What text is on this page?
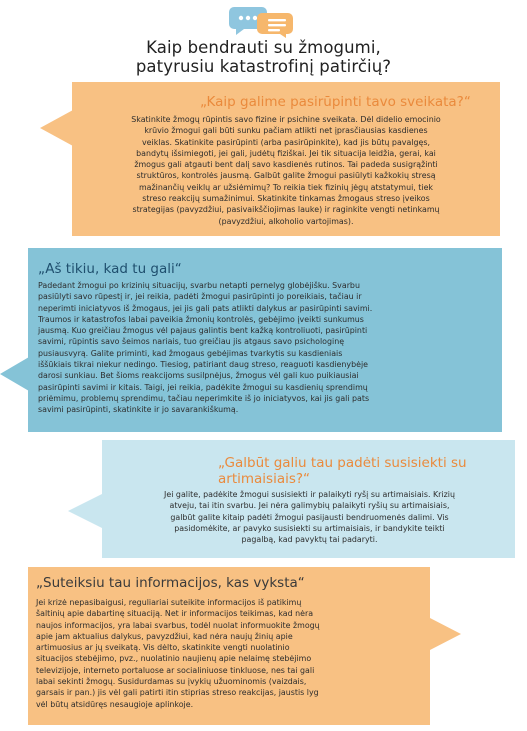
Kaip bendrauti su žmogumi,
patyrusiu katastrofinį patirčių?
„Kaip galime pasirūpinti tavo sveikata?“
Skatinkite žmogų rūpintis savo fizine ir psichine sveikata. Dėl didelio emocinio
krūvio žmogui gali būti sunku pačiam atlikti net įprasčiausias kasdienes
veiklas. Skatinkite pasirūpinti (arba pasirūpinkite), kad jis būtų pavalgęs,
bandytų išsimiegoti, jei gali, judėtų fiziškai. Jei tik situacija leidžia, gerai, kai
žmogus gali atgauti bent dalį savo kasdienės rutinos. Tai padeda susigrąžinti
struktūros, kontrolės jausmą. Galbūt galite žmogui pasiūlyti kažkokių stresą
mažinančių veiklų ar užsiėmimų? To reikia tiek fizinių jėgų atstatymui, tiek
streso reakcijų sumažinimui. Skatinkite tinkamas žmogaus streso įveikos
strategijas (pavyzdžiui, pasivaikščiojimas lauke) ir raginkite vengti netinkamų
(pavyzdžiui, alkoholio vartojimas).
„Aš tikiu, kad tu gali“
Padedant žmogui po krizinių situacijų, svarbu netapti pernelyg globėjišku. Svarbu
pasiūlyti savo rūpestį ir, jei reikia, padėti žmogui pasirūpinti jo poreikiais, tačiau ir
neperimti iniciatyvos iš žmogaus, jei jis gali pats atlikti dalykus ar pasirūpinti savimi.
Traumos ir katastrofos labai paveikia žmonių kontrolės, gebėjimo įveikti sunkumus
jausmą. Kuo greičiau žmogus vėl pajaus galintis bent kažką kontroliuoti, pasirūpinti
savimi, rūpintis savo šeimos nariais, tuo greičiau jis atgaus savo psichologinę
pusiausvyrą. Galite priminti, kad žmogaus gebėjimas tvarkytis su kasdieniais
iššūkiais tikrai niekur nedingo. Tiesiog, patiriant daug streso, reaguoti kasdienybėje
darosi sunkiau. Bet šioms reakcijoms susilpnėjus, žmogus vėl gali kuo puikiausiai
pasirūpinti savimi ir kitais. Taigi, jei reikia, padėkite žmogui su kasdienių sprendimų
priėmimu, problemų sprendimu, tačiau neperimkite iš jo iniciatyvos, kai jis gali pats
savimi pasirūpinti, skatinkite ir jo savarankiškumą.
„Galbūt galiu tau padėti susisiekti su artimaisiais?“
Jei galite, padėkite žmogui susisiekti ir palaikyti ryšį su artimaisiais. Krizių
atveju, tai itin svarbu. Jei nėra galimybių palaikyti ryšių su artimaisiais,
galbūt galite kitaip padėti žmogui pasijausti bendruomenės dalimi. Vis
pasidomėkite, ar pavyko susisiekti su artimaisiais, ir bandykite teikti
pagalbą, kad pavyktų tai padaryti.
„Suteiksiu tau informacijos, kas vyksta“
Jei krizė nepasibaigusi, reguliariai suteikite informacijos iš patikimų
šaltinių apie dabartinę situaciją. Net ir informacijos teikimas, kad nėra
naujos informacijos, yra labai svarbus, todėl nuolat informuokite žmogų
apie jam aktualius dalykus, pavyzdžiui, kad nėra naujų žinių apie
artimuosius ar jų sveikatą. Vis dėlto, skatinkite vengti nuolatinio
situacijos stebėjimo, pvz., nuolatinio naujienų apie nelaimę stebėjimo
televizijoje, interneto portaluose ar socialiniuose tinkluose, nes tai gali
labai sekinti žmogų. Susidurdamas su įvykių užuominomis (vaizdais,
garsais ir pan.) jis vėl gali patirti itin stiprias streso reakcijas, jaustis lyg
vėl būtų atsidūręs nesaugioje aplinkoje.
